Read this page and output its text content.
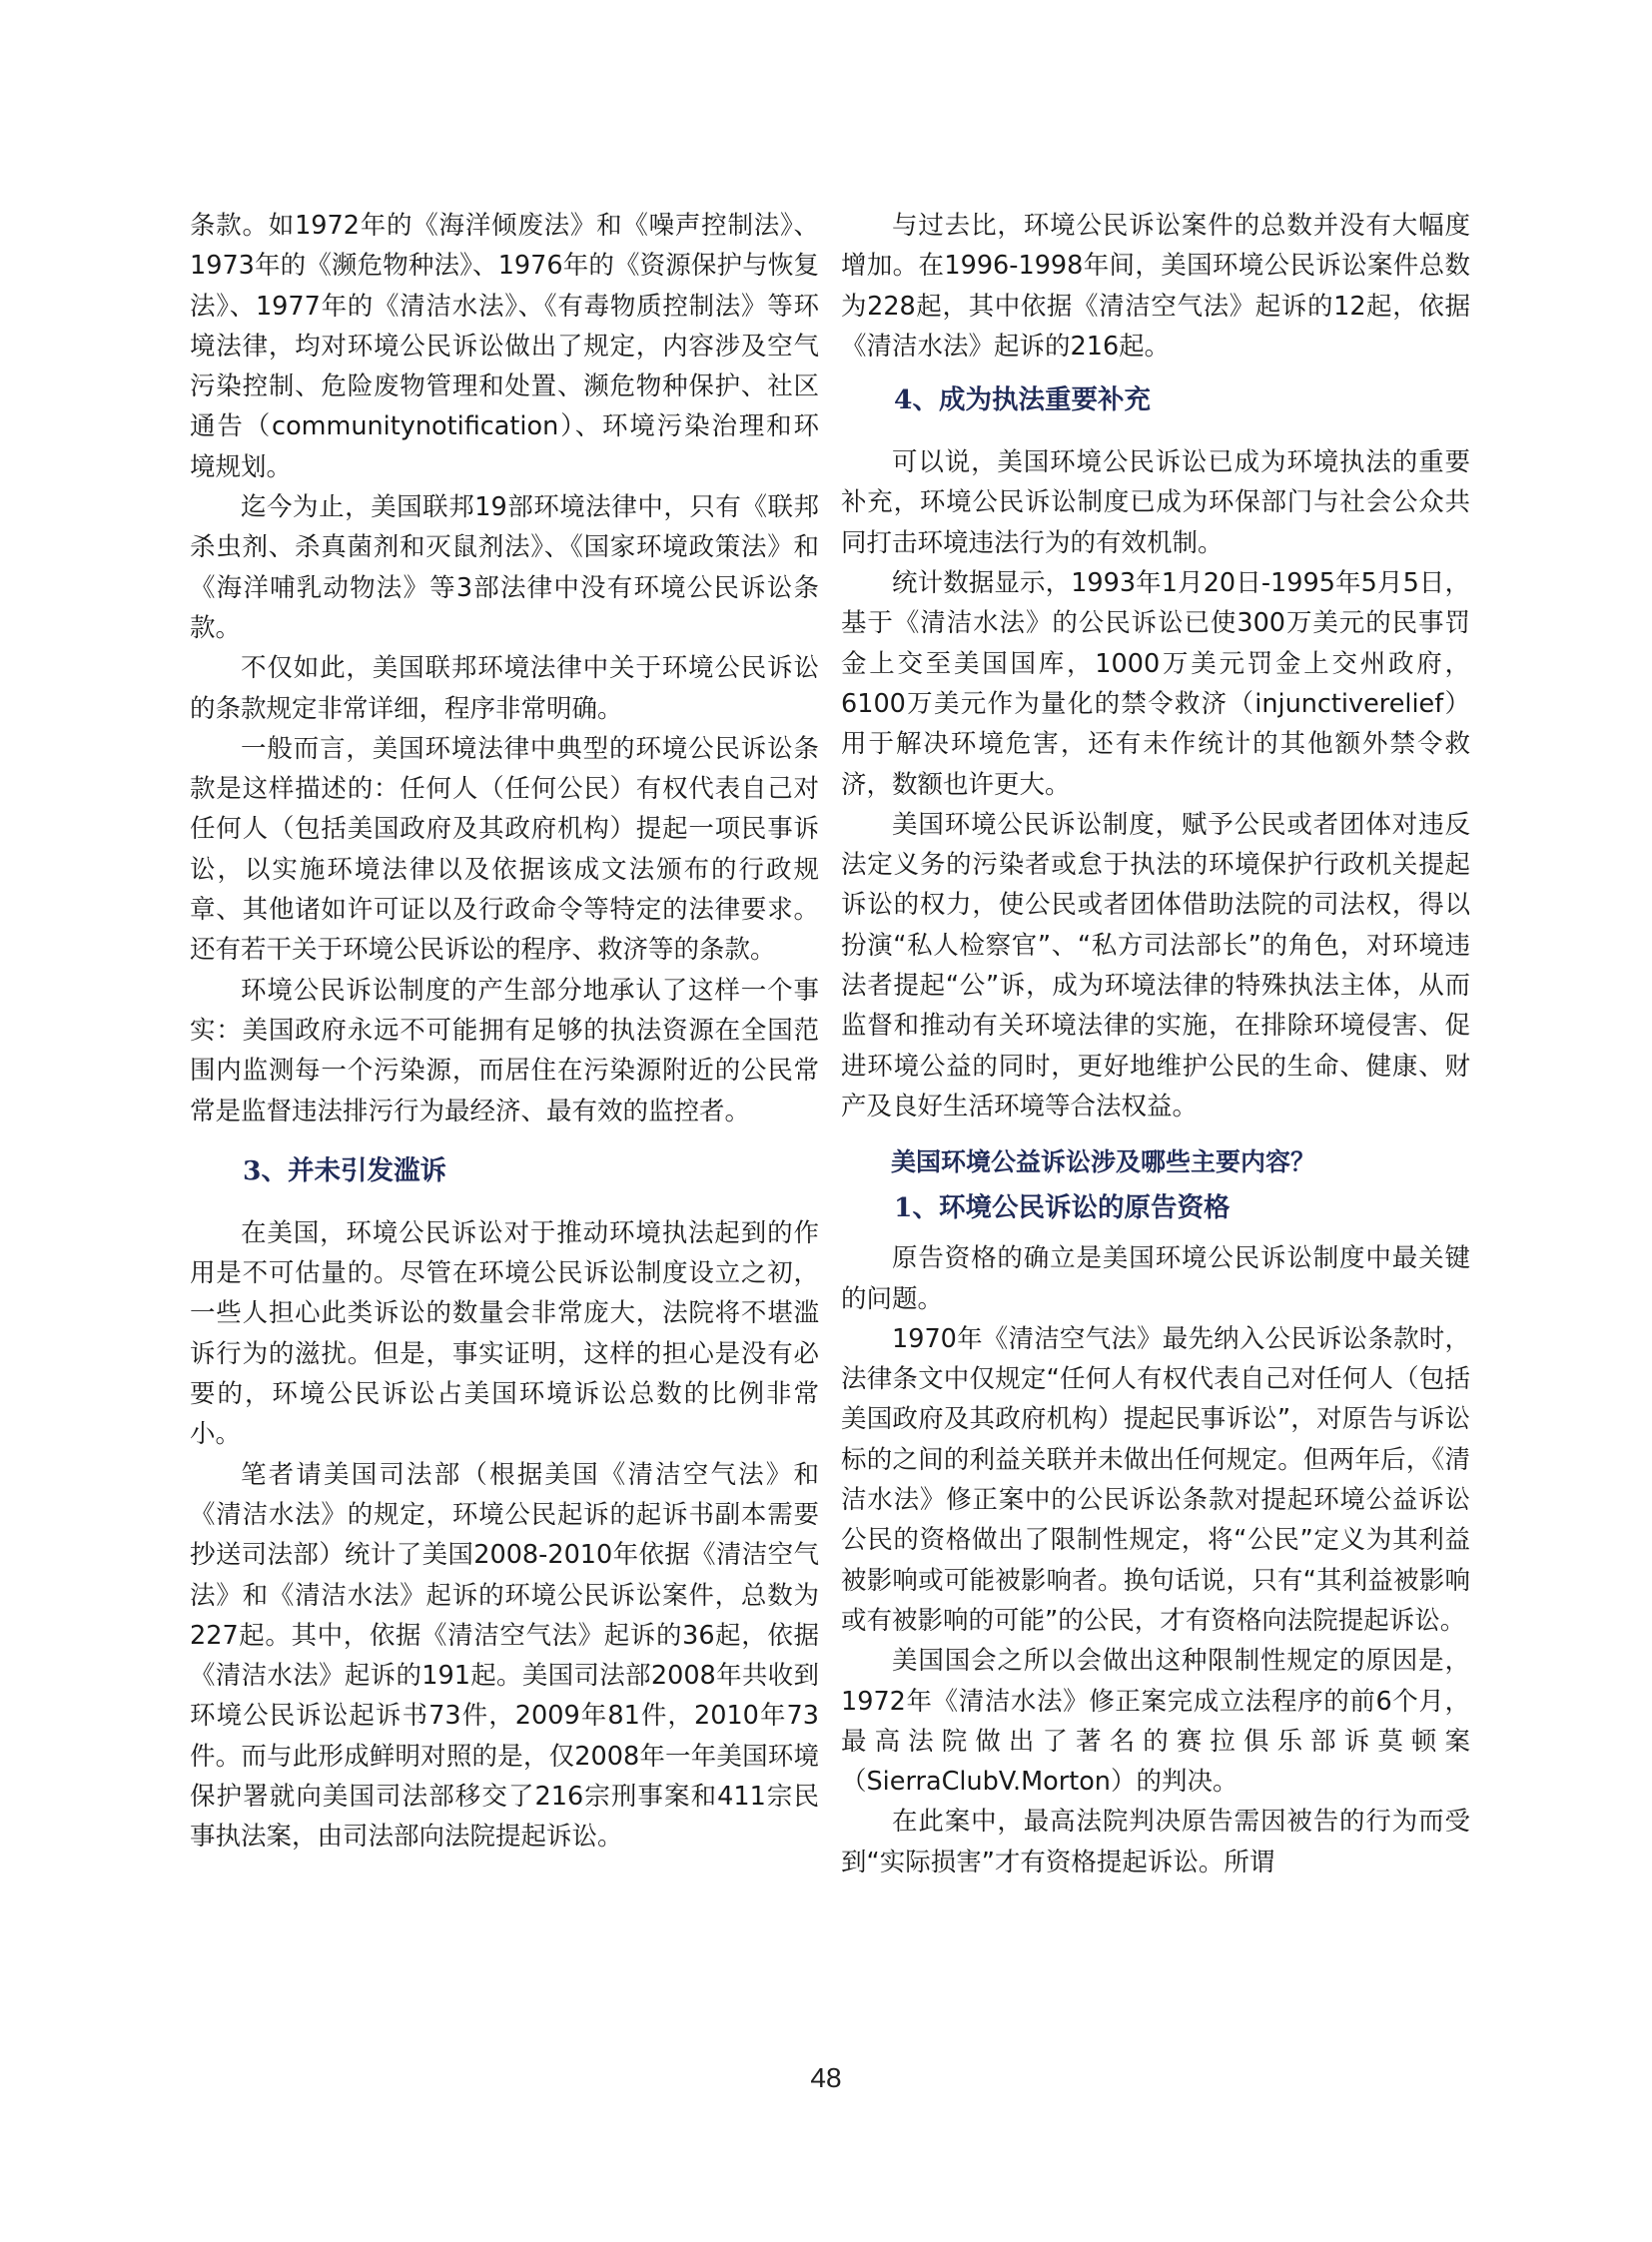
条款。如1972年的《海洋倾废法》和《噪声控制法》、1973年的《濒危物种法》、1976年的《资源保护与恢复法》、1977年的《清洁水法》、《有毒物质控制法》等环境法律，均对环境公民诉讼做出了规定，内容涉及空气污染控制、危险废物管理和处置、濒危物种保护、社区通告（communitynotification）、环境污染治理和环境规划。

迄今为止，美国联邦19部环境法律中，只有《联邦杀虫剂、杀真菌剂和灭鼠剂法》、《国家环境政策法》和《海洋哺乳动物法》等3部法律中没有环境公民诉讼条款。

不仅如此，美国联邦环境法律中关于环境公民诉讼的条款规定非常详细，程序非常明确。

一般而言，美国环境法律中典型的环境公民诉讼条款是这样描述的：任何人（任何公民）有权代表自己对任何人（包括美国政府及其政府机构）提起一项民事诉讼，以实施环境法律以及依据该成文法颁布的行政规章、其他诸如许可证以及行政命令等特定的法律要求。还有若干关于环境公民诉讼的程序、救济等的条款。

环境公民诉讼制度的产生部分地承认了这样一个事实：美国政府永远不可能拥有足够的执法资源在全国范围内监测每一个污染源，而居住在污染源附近的公民常常是监督违法排污行为最经济、最有效的监控者。

3、并未引发滥诉

在美国，环境公民诉讼对于推动环境执法起到的作用是不可估量的。尽管在环境公民诉讼制度设立之初，一些人担心此类诉讼的数量会非常庞大，法院将不堪滥诉行为的滋扰。但是，事实证明，这样的担心是没有必要的，环境公民诉讼占美国环境诉讼总数的比例非常小。

笔者请美国司法部（根据美国《清洁空气法》和《清洁水法》的规定，环境公民起诉的起诉书副本需要抄送司法部）统计了美国2008-2010年依据《清洁空气法》和《清洁水法》起诉的环境公民诉讼案件，总数为227起。其中，依据《清洁空气法》起诉的36起，依据《清洁水法》起诉的191起。美国司法部2008年共收到环境公民诉讼起诉书73件，2009年81件，2010年73件。而与此形成鲜明对照的是，仅2008年一年美国环境保护署就向美国司法部移交了216宗刑事案和411宗民事执法案，由司法部向法院提起诉讼。

与过去比，环境公民诉讼案件的总数并没有大幅度增加。在1996-1998年间，美国环境公民诉讼案件总数为228起，其中依据《清洁空气法》起诉的12起，依据《清洁水法》起诉的216起。

4、成为执法重要补充

可以说，美国环境公民诉讼已成为环境执法的重要补充，环境公民诉讼制度已成为环保部门与社会公众共同打击环境违法行为的有效机制。

统计数据显示，1993年1月20日-1995年5月5日，基于《清洁水法》的公民诉讼已使300万美元的民事罚金上交至美国国库，1000万美元罚金上交州政府，6100万美元作为量化的禁令救济（injunctiverelief）用于解决环境危害，还有未作统计的其他额外禁令救济，数额也许更大。

美国环境公民诉讼制度，赋予公民或者团体对违反法定义务的污染者或怠于执法的环境保护行政机关提起诉讼的权力，使公民或者团体借助法院的司法权，得以扮演“私人检察官”、“私方司法部长”的角色，对环境违法者提起“公”诉，成为环境法律的特殊执法主体，从而监督和推动有关环境法律的实施，在排除环境侵害、促进环境公益的同时，更好地维护公民的生命、健康、财产及良好生活环境等合法权益。

美国环境公益诉讼涉及哪些主要内容？
1、环境公民诉讼的原告资格

原告资格的确立是美国环境公民诉讼制度中最关键的问题。

1970年《清洁空气法》最先纳入公民诉讼条款时，法律条文中仅规定“任何人有权代表自己对任何人（包括美国政府及其政府机构）提起民事诉讼”，对原告与诉讼标的之间的利益关联并未做出任何规定。但两年后，《清洁水法》修正案中的公民诉讼条款对提起环境公益诉讼公民的资格做出了限制性规定，将“公民”定义为其利益被影响或可能被影响者。换句话说，只有“其利益被影响或有被影响的可能”的公民，才有资格向法院提起诉讼。

美国国会之所以会做出这种限制性规定的原因是，1972年《清洁水法》修正案完成立法程序的前6个月，最高法院做出了著名的赛拉俱乐部诉莫顿案（SierraClubV.Morton）的判决。

在此案中，最高法院判决原告需因被告的行为而受到“实际损害”才有资格提起诉讼。所谓

48
